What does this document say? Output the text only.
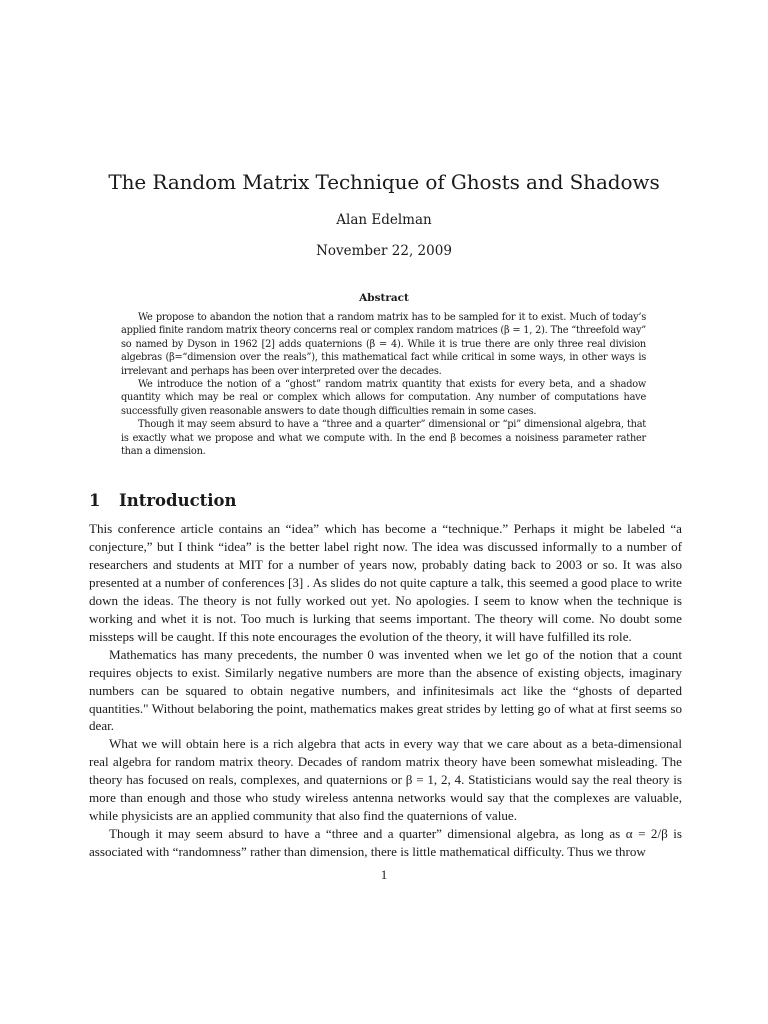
The Random Matrix Technique of Ghosts and Shadows
Alan Edelman
November 22, 2009
Abstract

We propose to abandon the notion that a random matrix has to be sampled for it to exist. Much of today’s applied finite random matrix theory concerns real or complex random matrices (β = 1, 2). The “threefold way” so named by Dyson in 1962 [2] adds quaternions (β = 4). While it is true there are only three real division algebras (β=“dimension over the reals”), this mathematical fact while critical in some ways, in other ways is irrelevant and perhaps has been over interpreted over the decades.

We introduce the notion of a “ghost” random matrix quantity that exists for every beta, and a shadow quantity which may be real or complex which allows for computation. Any number of computations have successfully given reasonable answers to date though difficulties remain in some cases.

Though it may seem absurd to have a “three and a quarter” dimensional or “pi” dimensional algebra, that is exactly what we propose and what we compute with. In the end β becomes a noisiness parameter rather than a dimension.

1 Introduction

This conference article contains an “idea” which has become a “technique.” Perhaps it might be labeled “a conjecture,” but I think “idea” is the better label right now. The idea was discussed informally to a number of researchers and students at MIT for a number of years now, probably dating back to 2003 or so. It was also presented at a number of conferences [3] . As slides do not quite capture a talk, this seemed a good place to write down the ideas. The theory is not fully worked out yet. No apologies. I seem to know when the technique is working and whet it is not. Too much is lurking that seems important. The theory will come. No doubt some missteps will be caught. If this note encourages the evolution of the theory, it will have fulfilled its role.

Mathematics has many precedents, the number 0 was invented when we let go of the notion that a count requires objects to exist. Similarly negative numbers are more than the absence of existing objects, imaginary numbers can be squared to obtain negative numbers, and infinitesimals act like the “ghosts of departed quantities." Without belaboring the point, mathematics makes great strides by letting go of what at first seems so dear.

What we will obtain here is a rich algebra that acts in every way that we care about as a beta-dimensional real algebra for random matrix theory. Decades of random matrix theory have been somewhat misleading. The theory has focused on reals, complexes, and quaternions or β = 1, 2, 4. Statisticians would say the real theory is more than enough and those who study wireless antenna networks would say that the complexes are valuable, while physicists are an applied community that also find the quaternions of value.

Though it may seem absurd to have a “three and a quarter” dimensional algebra, as long as α = 2/β is associated with “randomness” rather than dimension, there is little mathematical difficulty. Thus we throw

1
